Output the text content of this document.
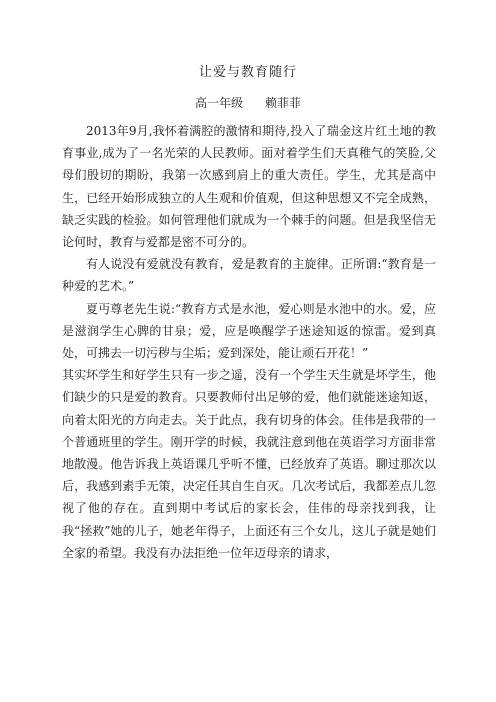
让爱与教育随行
高一年级 赖菲菲

2013年9月,我怀着满腔的激情和期待,投入了瑞金这片红土地的教育事业,成为了一名光荣的人民教师。面对着学生们天真稚气的笑脸,父母们殷切的期盼，我第一次感到肩上的重大责任。学生，尤其是高中生，已经开始形成独立的人生观和价值观，但这种思想又不完全成熟，缺乏实践的检验。如何管理他们就成为一个棘手的问题。但是我坚信无论何时，教育与爱都是密不可分的。

有人说没有爱就没有教育，爱是教育的主旋律。正所谓:“教育是一种爱的艺术。”

夏丏尊老先生说:“教育方式是水池，爱心则是水池中的水。爱，应是滋润学生心脾的甘泉；爱，应是唤醒学子迷途知返的惊雷。爱到真处，可拂去一切污秽与尘垢；爱到深处，能让顽石开花！”

其实坏学生和好学生只有一步之遥，没有一个学生天生就是坏学生，他们缺少的只是爱的教育。只要教师付出足够的爱，他们就能迷途知返，向着太阳光的方向走去。关于此点，我有切身的体会。佳伟是我带的一个普通班里的学生。刚开学的时候，我就注意到他在英语学习方面非常地散漫。他告诉我上英语课几乎听不懂，已经放弃了英语。聊过那次以后，我感到素手无策，决定任其自生自灭。几次考试后，我都差点儿忽视了他的存在。直到期中考试后的家长会，佳伟的母亲找到我，让我“拯救”她的儿子，她老年得子，上面还有三个女儿，这儿子就是她们全家的希望。我没有办法拒绝一位年迈母亲的请求，
